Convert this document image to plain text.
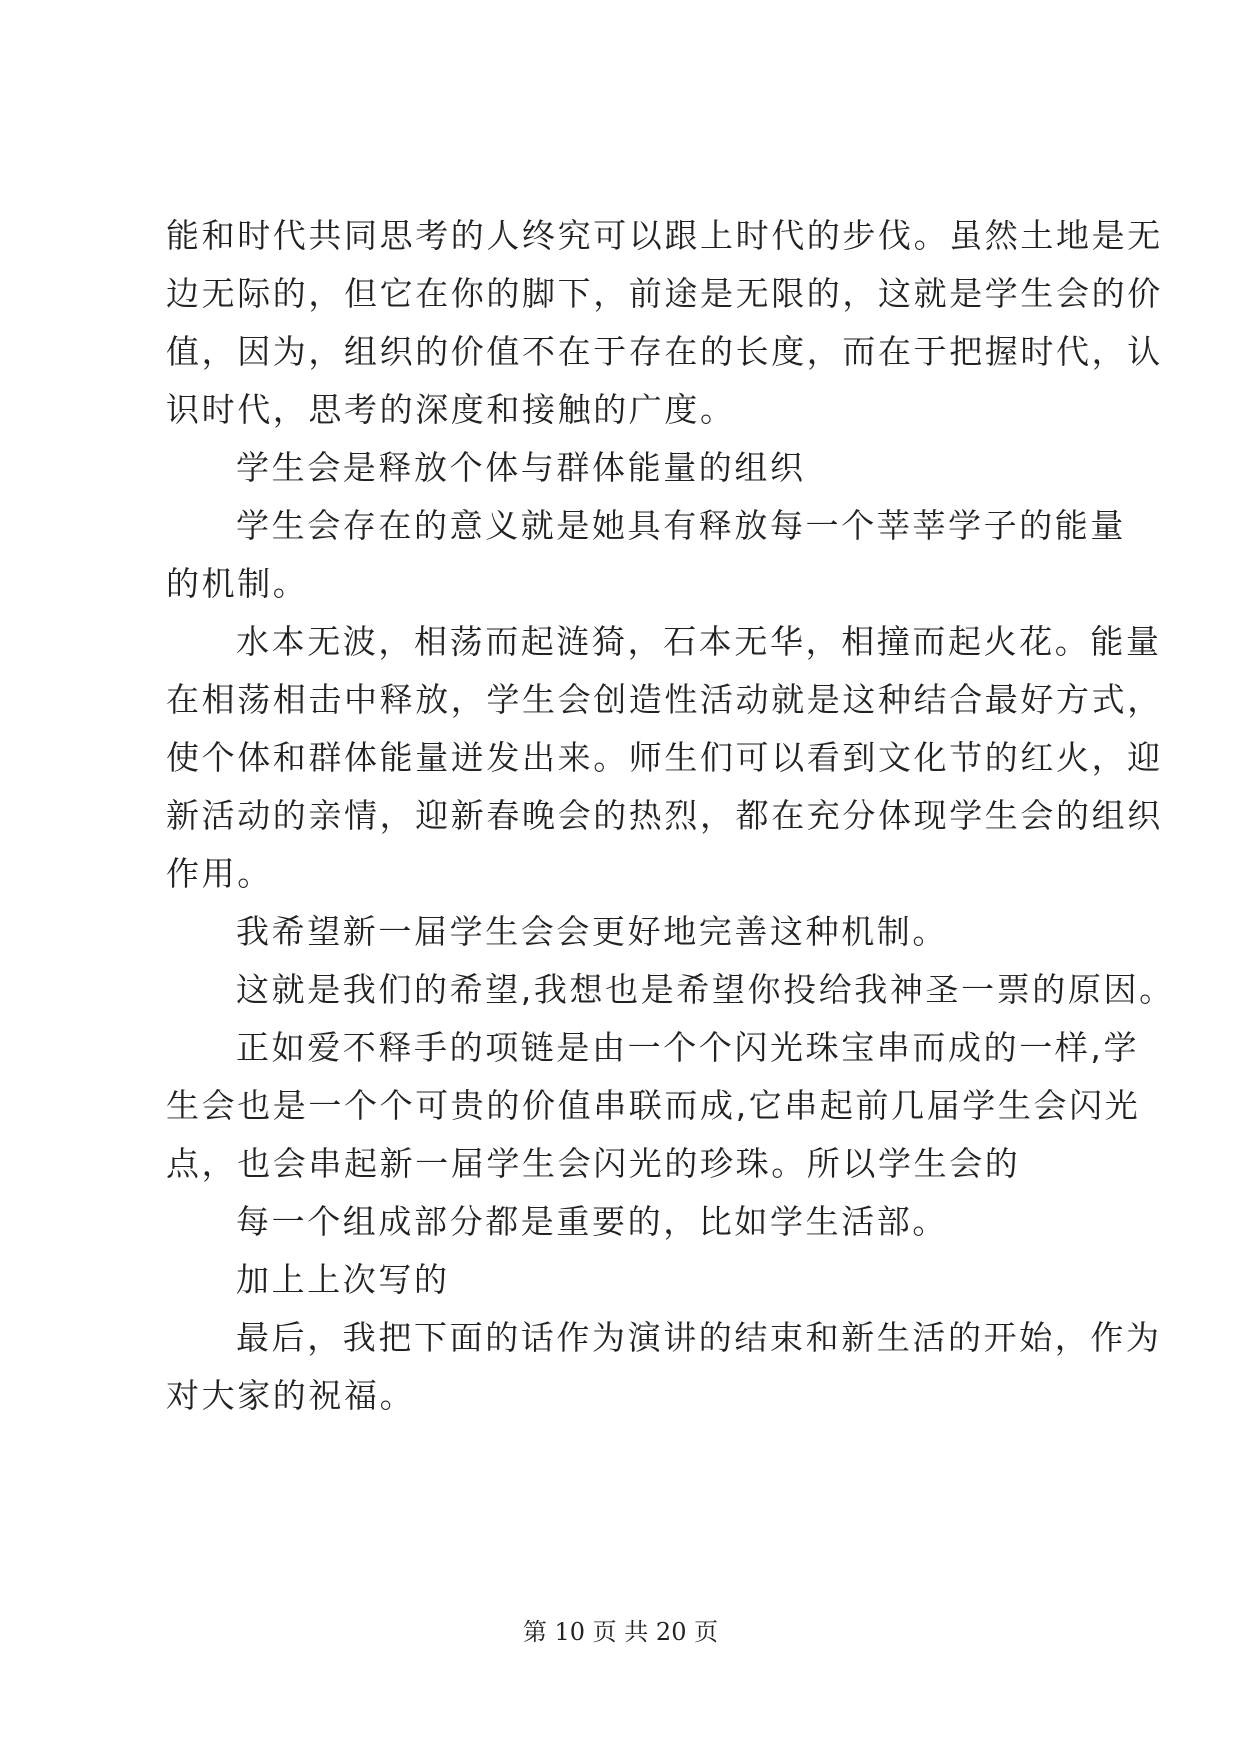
能和时代共同思考的人终究可以跟上时代的步伐。虽然土地是无
边无际的，但它在你的脚下，前途是无限的，这就是学生会的价
值，因为，组织的价值不在于存在的长度，而在于把握时代，认
识时代，思考的深度和接触的广度。
学生会是释放个体与群体能量的组织
学生会存在的意义就是她具有释放每一个莘莘学子的能量
的机制。
水本无波，相荡而起涟猗，石本无华，相撞而起火花。能量
在相荡相击中释放，学生会创造性活动就是这种结合最好方式，
使个体和群体能量迸发出来。师生们可以看到文化节的红火，迎
新活动的亲情，迎新春晚会的热烈，都在充分体现学生会的组织
作用。
我希望新一届学生会会更好地完善这种机制。
这就是我们的希望,我想也是希望你投给我神圣一票的原因。
正如爱不释手的项链是由一个个闪光珠宝串而成的一样,学
生会也是一个个可贵的价值串联而成,它串起前几届学生会闪光
点，也会串起新一届学生会闪光的珍珠。所以学生会的
每一个组成部分都是重要的，比如学生活部。
加上上次写的
最后，我把下面的话作为演讲的结束和新生活的开始，作为
对大家的祝福。
第 10 页 共 20 页
